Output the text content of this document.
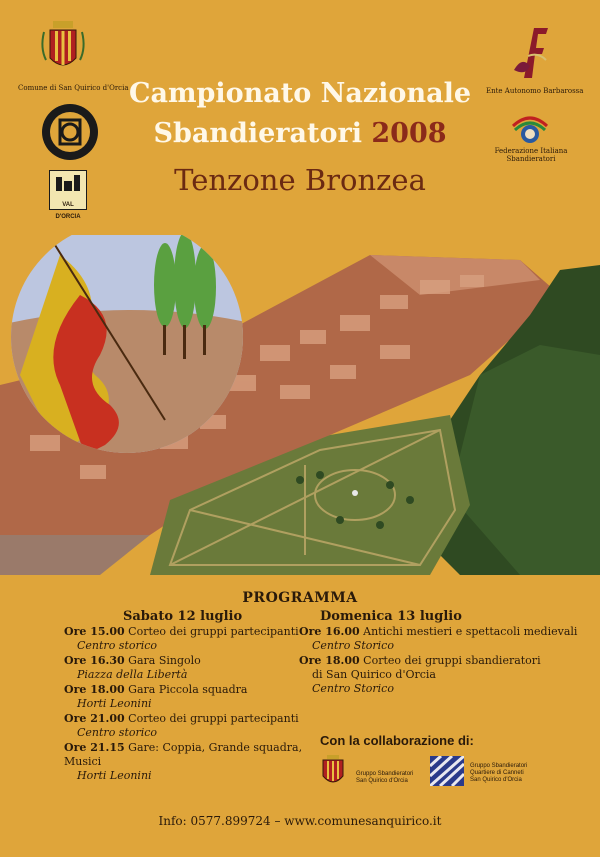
Comune di San Quirico d'Orcia	Ente Autonomo Barbarossa
Federazione Italiana
Sbandieratori
VAL D'ORCIA
Campionato Nazionale
Sbandieratori 2008
Tenzone Bronzea
PROGRAMMA
Sabato 12 luglio
Ore 15.00 Corteo dei gruppi partecipanti
Centro storico
Ore 16.30 Gara Singolo
Piazza della Libertà
Ore 18.00 Gara Piccola squadra
Horti Leonini
Ore 21.00 Corteo dei gruppi partecipanti
Centro storico
Ore 21.15 Gare: Coppia, Grande squadra,
Musici
Horti Leonini
Domenica 13 luglio
Ore 16.00 Antichi mestieri e spettacoli medievali
Centro Storico
Ore 18.00 Corteo dei gruppi sbandieratori
di San Quirico d'Orcia
Centro Storico
Con la collaborazione di:
Gruppo Sbandieratori
San Quirico d'Orcia
Gruppo Sbandieratori
Quartiere di Canneti
San Quirico d'Orcia
Info: 0577.899724 – www.comunesanquirico.it
